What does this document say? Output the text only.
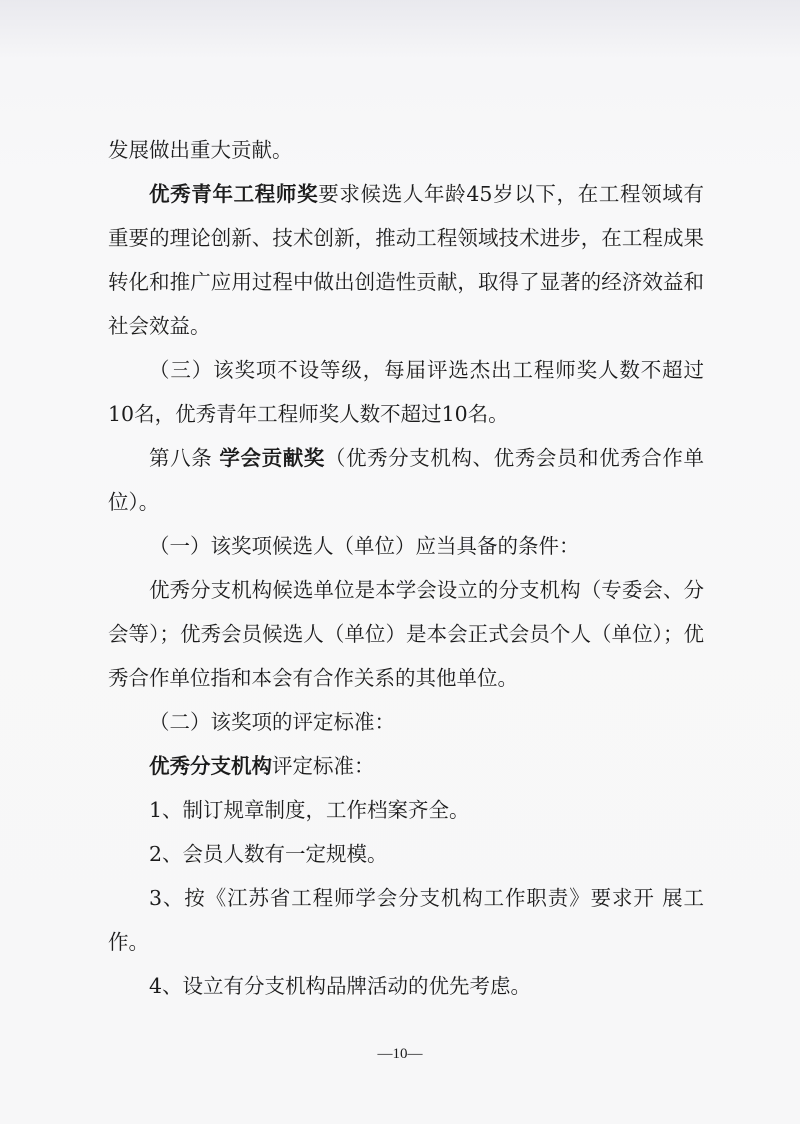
发展做出重大贡献。

优秀青年工程师奖要求候选人年龄45岁以下，在工程领域有重要的理论创新、技术创新，推动工程领域技术进步，在工程成果转化和推广应用过程中做出创造性贡献，取得了显著的经济效益和社会效益。

（三）该奖项不设等级，每届评选杰出工程师奖人数不超过10名，优秀青年工程师奖人数不超过10名。

第八条 学会贡献奖（优秀分支机构、优秀会员和优秀合作单位）。

（一）该奖项候选人（单位）应当具备的条件：

优秀分支机构候选单位是本学会设立的分支机构（专委会、分会等）；优秀会员候选人（单位）是本会正式会员个人（单位）；优秀合作单位指和本会有合作关系的其他单位。

（二）该奖项的评定标准：

优秀分支机构评定标准：

1、制订规章制度，工作档案齐全。

2、会员人数有一定规模。

3、按《江苏省工程师学会分支机构工作职责》要求开 展工作。

4、设立有分支机构品牌活动的优先考虑。

—10—
